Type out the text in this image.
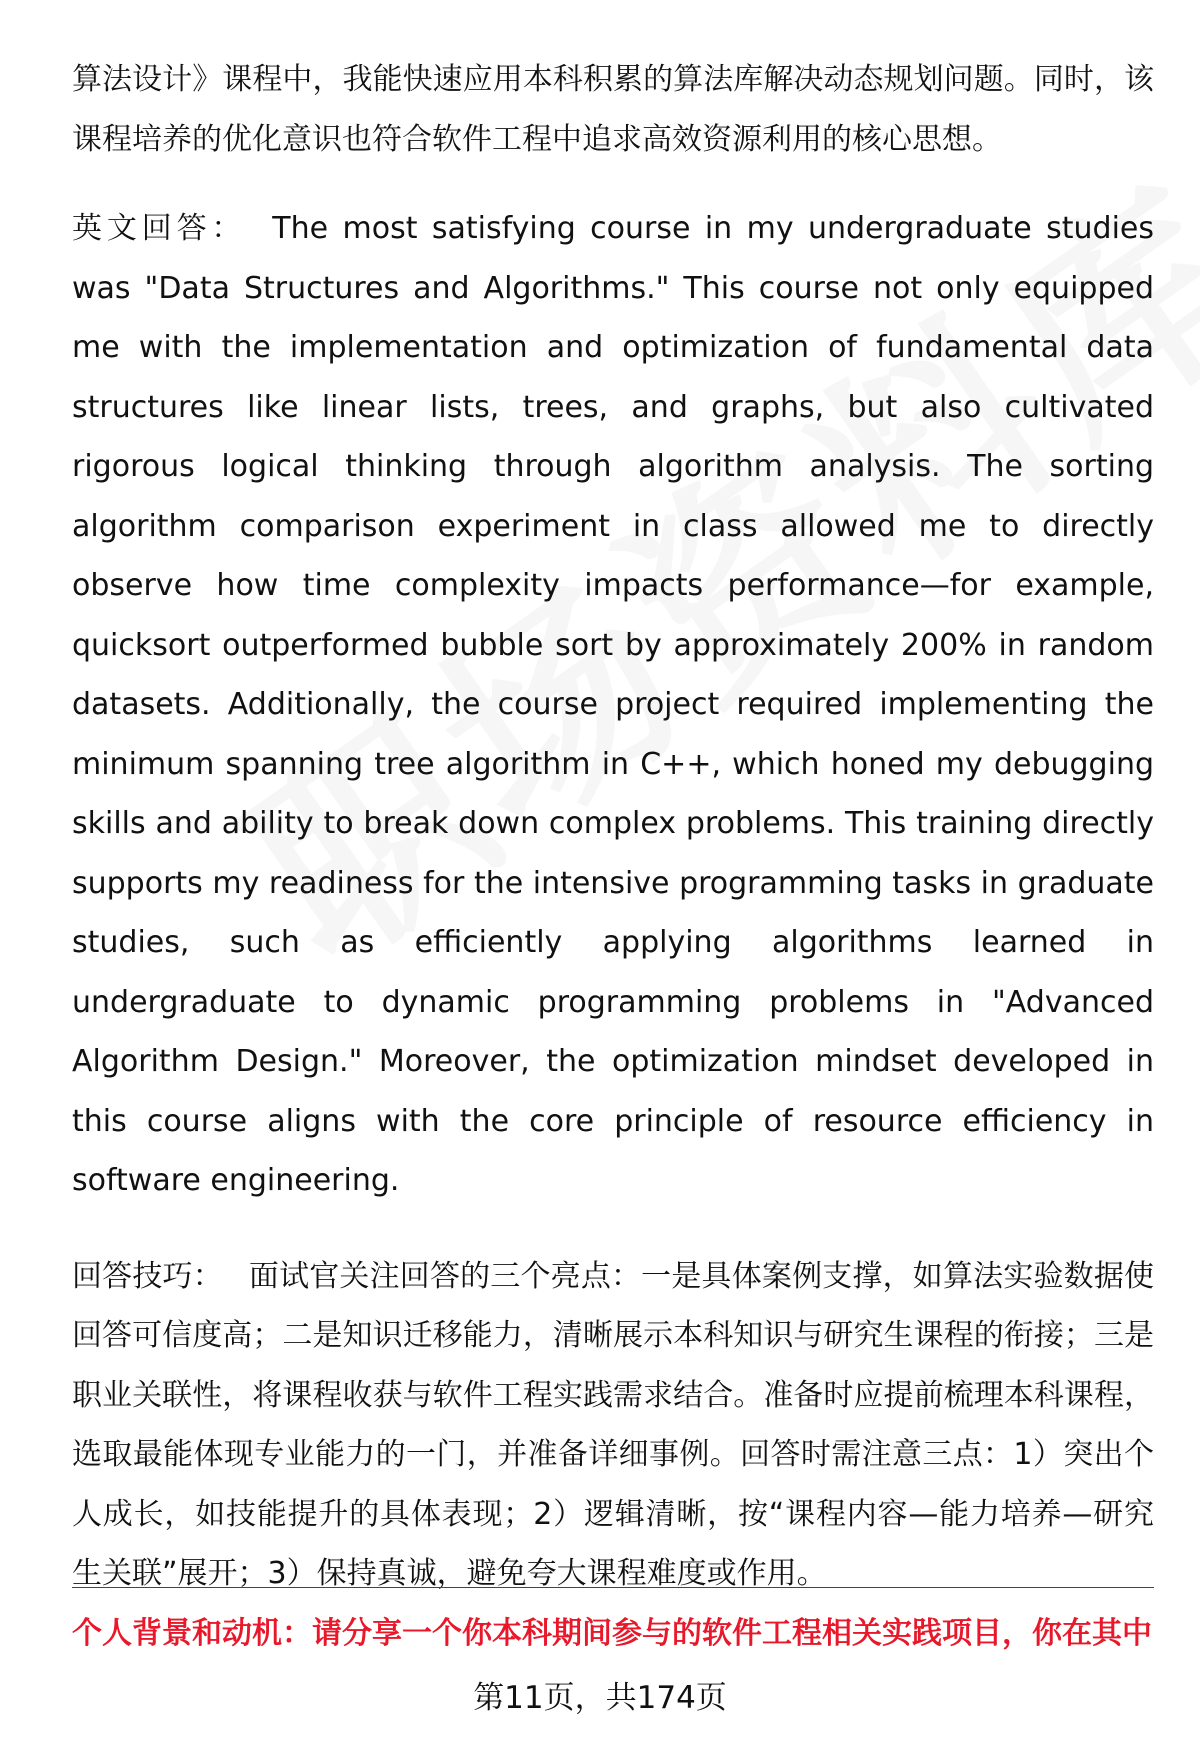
算法设计》课程中，我能快速应用本科积累的算法库解决动态规划问题。同时，该课程培养的优化意识也符合软件工程中追求高效资源利用的核心思想。

英文回答： The most satisfying course in my undergraduate studies was "Data Structures and Algorithms." This course not only equipped me with the implementation and optimization of fundamental data structures like linear lists, trees, and graphs, but also cultivated rigorous logical thinking through algorithm analysis. The sorting algorithm comparison experiment in class allowed me to directly observe how time complexity impacts performance—for example, quicksort outperformed bubble sort by approximately 200% in random datasets. Additionally, the course project required implementing the minimum spanning tree algorithm in C++, which honed my debugging skills and ability to break down complex problems. This training directly supports my readiness for the intensive programming tasks in graduate studies, such as efficiently applying algorithms learned in undergraduate to dynamic programming problems in "Advanced Algorithm Design." Moreover, the optimization mindset developed in this course aligns with the core principle of resource efficiency in software engineering.

回答技巧： 面试官关注回答的三个亮点：一是具体案例支撑，如算法实验数据使回答可信度高；二是知识迁移能力，清晰展示本科知识与研究生课程的衔接；三是职业关联性，将课程收获与软件工程实践需求结合。准备时应提前梳理本科课程，选取最能体现专业能力的一门，并准备详细事例。回答时需注意三点：1）突出个人成长，如技能提升的具体表现；2）逻辑清晰，按“课程内容—能力培养—研究生关联”展开；3）保持真诚，避免夸大课程难度或作用。

个人背景和动机：请分享一个你本科期间参与的软件工程相关实践项目，你在其中

第11页，共174页
